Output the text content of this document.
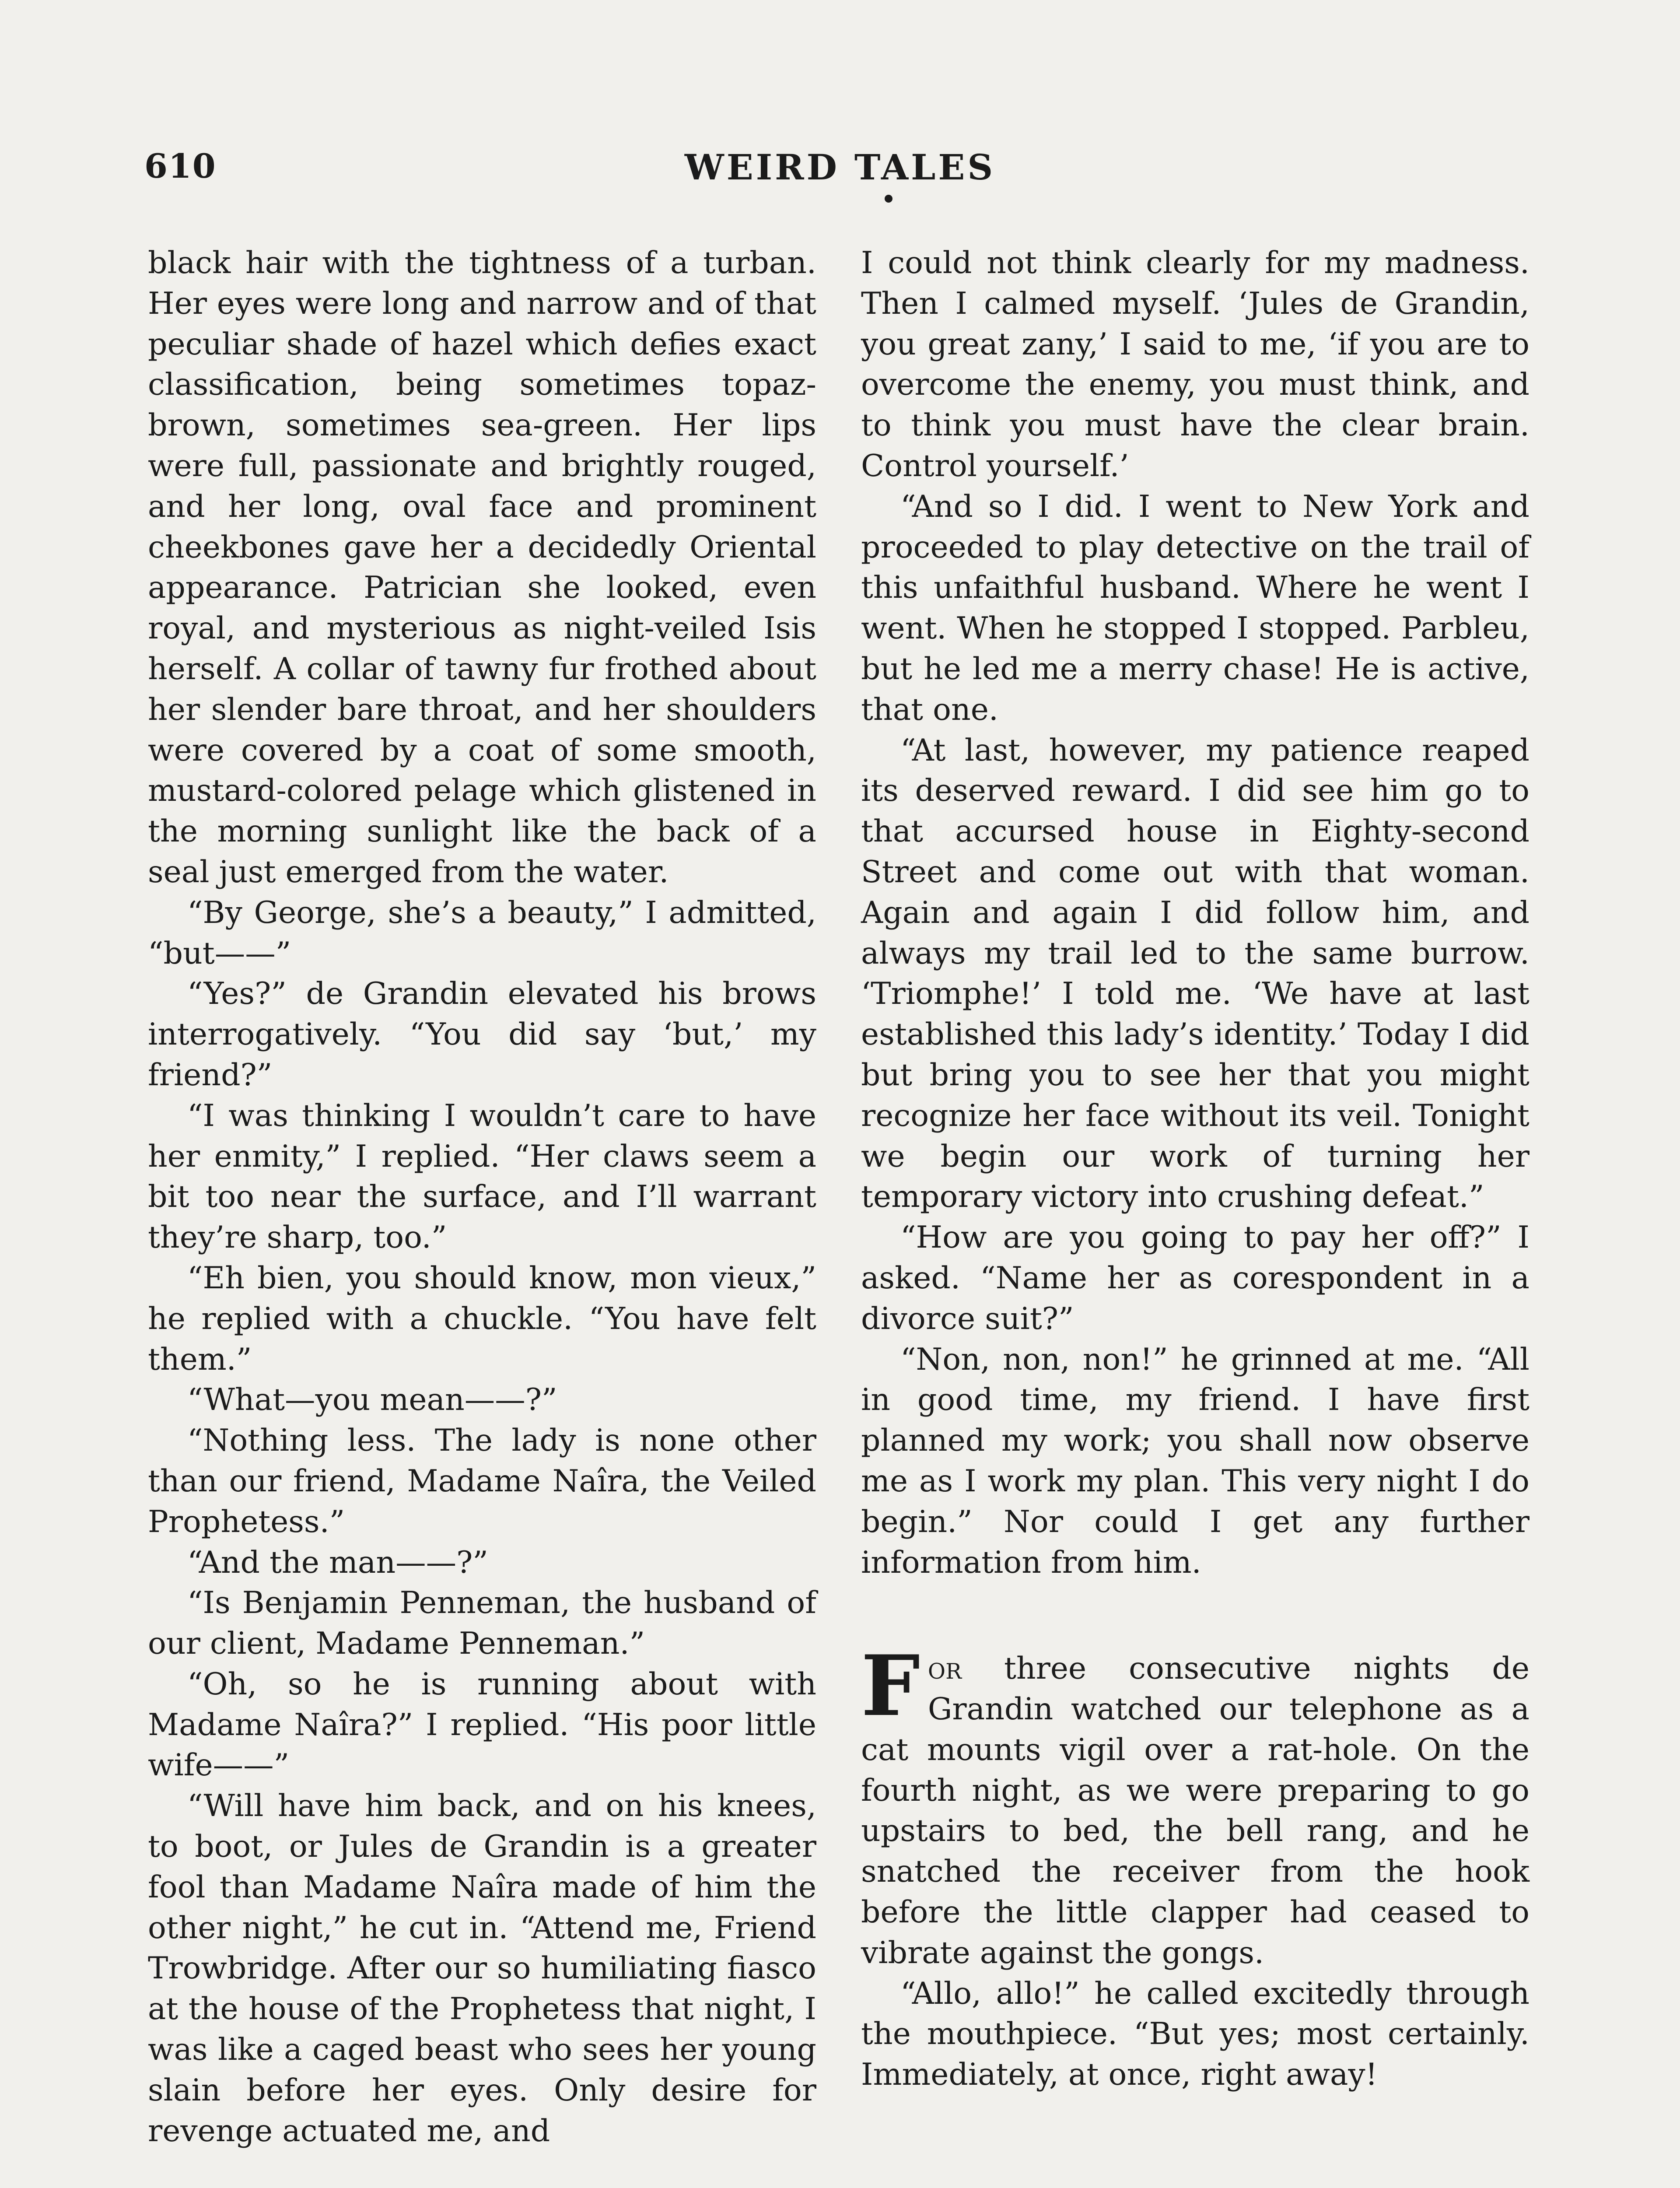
610	WEIRD TALES

black hair with the tightness of a turban. Her eyes were long and narrow and of that peculiar shade of hazel which defies exact classification, being sometimes topaz-brown, sometimes sea-green. Her lips were full, passionate and brightly rouged, and her long, oval face and prominent cheekbones gave her a decidedly Oriental appearance. Patrician she looked, even royal, and mysterious as night-veiled Isis herself. A collar of tawny fur frothed about her slender bare throat, and her shoulders were covered by a coat of some smooth, mustard-colored pelage which glistened in the morning sunlight like the back of a seal just emerged from the water.

“By George, she’s a beauty,” I admitted, “but——”

“Yes?” de Grandin elevated his brows interrogatively. “You did say ‘but,’ my friend?”

“I was thinking I wouldn’t care to have her enmity,” I replied. “Her claws seem a bit too near the surface, and I’ll warrant they’re sharp, too.”

“Eh bien, you should know, mon vieux,” he replied with a chuckle. “You have felt them.”

“What—you mean——?”

“Nothing less. The lady is none other than our friend, Madame Naîra, the Veiled Prophetess.”

“And the man——?”

“Is Benjamin Penneman, the husband of our client, Madame Penneman.”

“Oh, so he is running about with Madame Naîra?” I replied. “His poor little wife——”

“Will have him back, and on his knees, to boot, or Jules de Grandin is a greater fool than Madame Naîra made of him the other night,” he cut in. “Attend me, Friend Trowbridge. After our so humiliating fiasco at the house of the Prophetess that night, I was like a caged beast who sees her young slain before her eyes. Only desire for revenge actuated me, and

I could not think clearly for my madness. Then I calmed myself. ‘Jules de Grandin, you great zany,’ I said to me, ‘if you are to overcome the enemy, you must think, and to think you must have the clear brain. Control yourself.’

“And so I did. I went to New York and proceeded to play detective on the trail of this unfaithful husband. Where he went I went. When he stopped I stopped. Parbleu, but he led me a merry chase! He is active, that one.

“At last, however, my patience reaped its deserved reward. I did see him go to that accursed house in Eighty-second Street and come out with that woman. Again and again I did follow him, and always my trail led to the same burrow. ‘Triomphe!’ I told me. ‘We have at last established this lady’s identity.’ Today I did but bring you to see her that you might recognize her face without its veil. Tonight we begin our work of turning her temporary victory into crushing defeat.”

“How are you going to pay her off?” I asked. “Name her as corespondent in a divorce suit?”

“Non, non, non!” he grinned at me. “All in good time, my friend. I have first planned my work; you shall now observe me as I work my plan. This very night I do begin.” Nor could I get any further information from him.

For three consecutive nights de Grandin watched our telephone as a cat mounts vigil over a rat-hole. On the fourth night, as we were preparing to go upstairs to bed, the bell rang, and he snatched the receiver from the hook before the little clapper had ceased to vibrate against the gongs.

“Allo, allo!” he called excitedly through the mouthpiece. “But yes; most certainly. Immediately, at once, right away!
